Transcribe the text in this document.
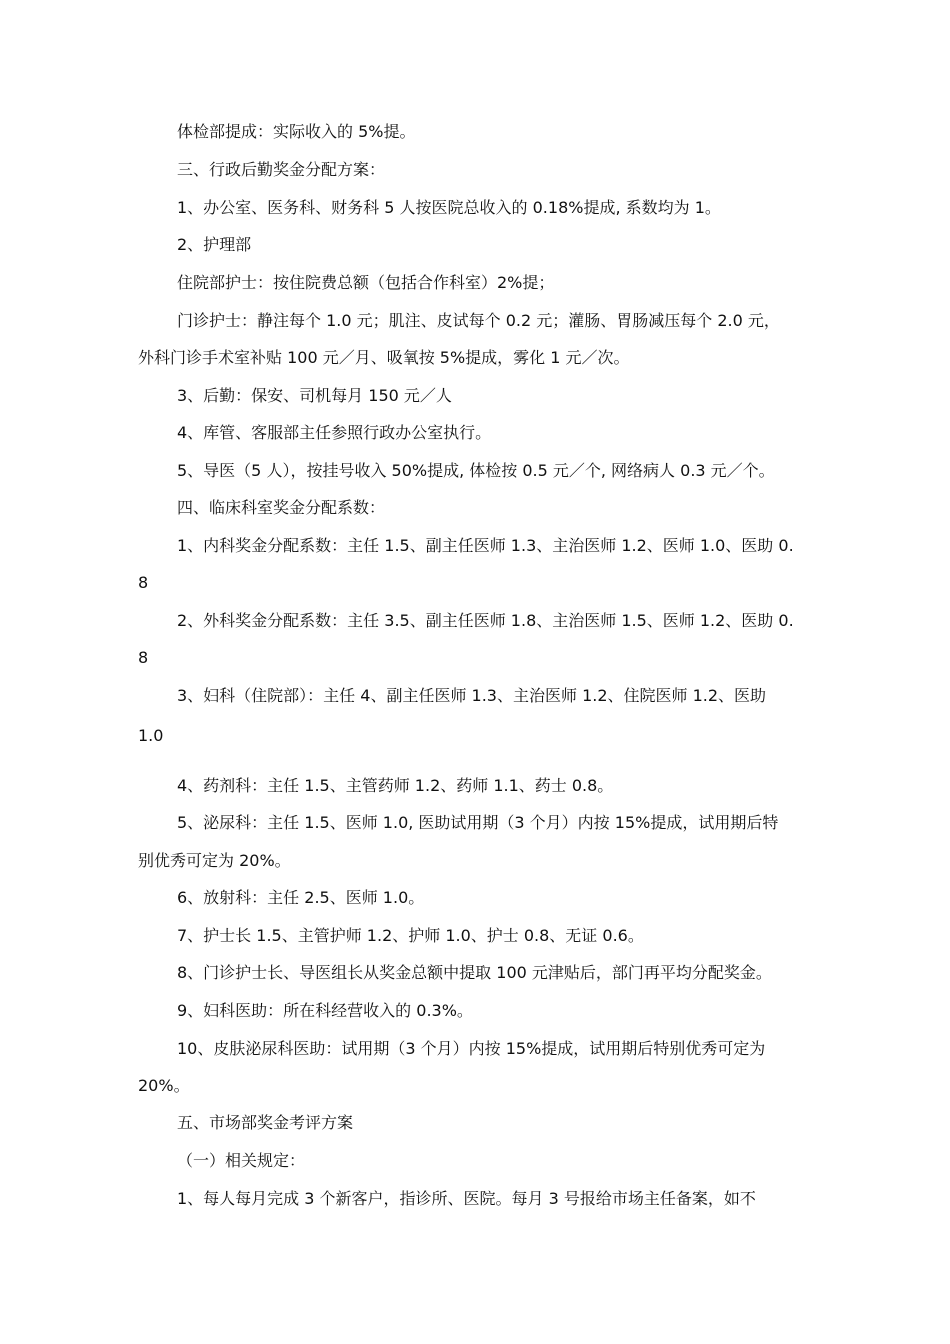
体检部提成：实际收入的 5%提。

三、行政后勤奖金分配方案：

1、办公室、医务科、财务科 5 人按医院总收入的 0.18%提成, 系数均为 1。

2、护理部

住院部护士：按住院费总额（包括合作科室）2%提；

门诊护士：静注每个 1.0 元；肌注、皮试每个 0.2 元；灌肠、胃肠减压每个 2.0 元，

外科门诊手术室补贴 100 元／月、吸氧按 5%提成，雾化 1 元／次。

3、后勤：保安、司机每月 150 元／人

4、库管、客服部主任参照行政办公室执行。

5、导医（5 人），按挂号收入 50%提成, 体检按 0.5 元／个, 网络病人 0.3 元／个。

四、临床科室奖金分配系数：

1、内科奖金分配系数：主任 1.5、副主任医师 1.3、主治医师 1.2、医师 1.0、医助 0.

8

2、外科奖金分配系数：主任 3.5、副主任医师 1.8、主治医师 1.5、医师 1.2、医助 0.

8

3、妇科（住院部）：主任 4、副主任医师 1.3、主治医师 1.2、住院医师 1.2、医助

1.0

4、药剂科：主任 1.5、主管药师 1.2、药师 1.1、药士 0.8。

5、泌尿科：主任 1.5、医师 1.0, 医助试用期（3 个月）内按 15%提成，试用期后特

别优秀可定为 20%。

6、放射科：主任 2.5、医师 1.0。

7、护士长 1.5、主管护师 1.2、护师 1.0、护士 0.8、无证 0.6。

8、门诊护士长、导医组长从奖金总额中提取 100 元津贴后，部门再平均分配奖金。

9、妇科医助：所在科经营收入的 0.3%。

10、皮肤泌尿科医助：试用期（3 个月）内按 15%提成，试用期后特别优秀可定为

20%。

五、市场部奖金考评方案

（一）相关规定：

1、每人每月完成 3 个新客户，指诊所、医院。每月 3 号报给市场主任备案，如不
